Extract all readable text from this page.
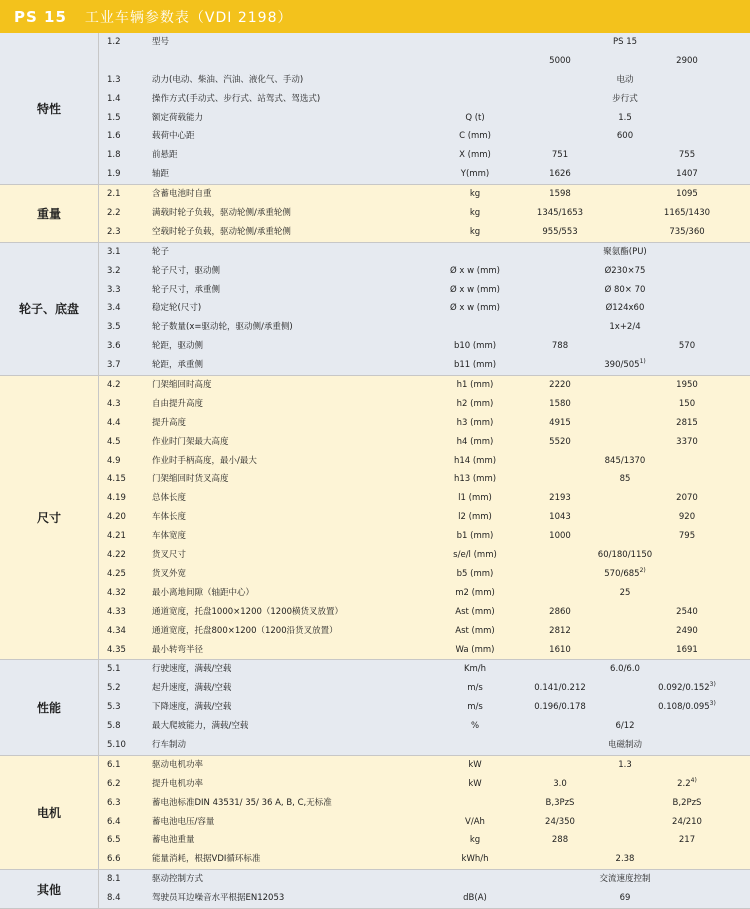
PS 15 工业车辆参数表（VDI 2198）
特性
1.2	型号	PS 15
5000	2900
1.3	动力(电动、柴油、汽油、液化气、手动)	电动
1.4	操作方式(手动式、步行式、站驾式、驾选式)	步行式
1.5	额定荷载能力	Q (t)	1.5
1.6	载荷中心距	C (mm)	600
1.8	前悬距	X (mm)	751	755
1.9	轴距	Y(mm)	1626	1407
重量
2.1	含蓄电池时自重	kg	1598	1095
2.2	满载时轮子负载，驱动轮侧/承重轮侧	kg	1345/1653	1165/1430
2.3	空载时轮子负载，驱动轮侧/承重轮侧	kg	955/553	735/360
轮子、底盘
3.1	轮子	聚氨酯(PU)
3.2	轮子尺寸，驱动侧	Ø x w (mm)	Ø230×75
3.3	轮子尺寸，承重侧	Ø x w (mm)	Ø 80× 70
3.4	稳定轮(尺寸)	Ø x w (mm)	Ø124x60
3.5	轮子数量(x=驱动轮，驱动侧/承重侧)	1x+2/4
3.6	轮距，驱动侧	b10 (mm)	788	570
3.7	轮距，承重侧	b11 (mm)	390/505$^{1)}$
尺寸
4.2	门架缩回时高度	h1 (mm)	2220	1950
4.3	自由提升高度	h2 (mm)	1580	150
4.4	提升高度	h3 (mm)	4915	2815
4.5	作业时门架最大高度	h4 (mm)	5520	3370
4.9	作业时手柄高度，最小/最大	h14 (mm)	845/1370
4.15	门架缩回时货叉高度	h13 (mm)	85
4.19	总体长度	l1 (mm)	2193	2070
4.20	车体长度	l2 (mm)	1043	920
4.21	车体宽度	b1 (mm)	1000	795
4.22	货叉尺寸	s/e/l (mm)	60/180/1150
4.25	货叉外宽	b5 (mm)	570/685$^{2)}$
4.32	最小离地间隙（轴距中心）	m2 (mm)	25
4.33	通道宽度，托盘1000×1200（1200横货叉放置）	Ast (mm)	2860	2540
4.34	通道宽度，托盘800×1200（1200沿货叉放置）	Ast (mm)	2812	2490
4.35	最小转弯半径	Wa (mm)	1610	1691
性能
5.1	行驶速度，满载/空载	Km/h	6.0/6.0
5.2	起升速度，满载/空载	m/s	0.141/0.212	0.092/0.152$^{3)}$
5.3	下降速度，满载/空载	m/s	0.196/0.178	0.108/0.095$^{3)}$
5.8	最大爬坡能力，满载/空载	%	6/12
5.10	行车制动	电磁制动
电机
6.1	驱动电机功率	kW	1.3
6.2	提升电机功率	kW	3.0	2.2$^{4)}$
6.3	蓄电池标准DIN 43531/ 35/ 36 A, B, C,无标准	B,3PzS	B,2PzS
6.4	蓄电池电压/容量	V/Ah	24/350	24/210
6.5	蓄电池重量	kg	288	217
6.6	能量消耗，根据VDI循环标准	kWh/h	2.38
其他
8.1	驱动控制方式	交流速度控制
8.4	驾驶员耳边噪音水平根据EN12053	dB(A)	69
